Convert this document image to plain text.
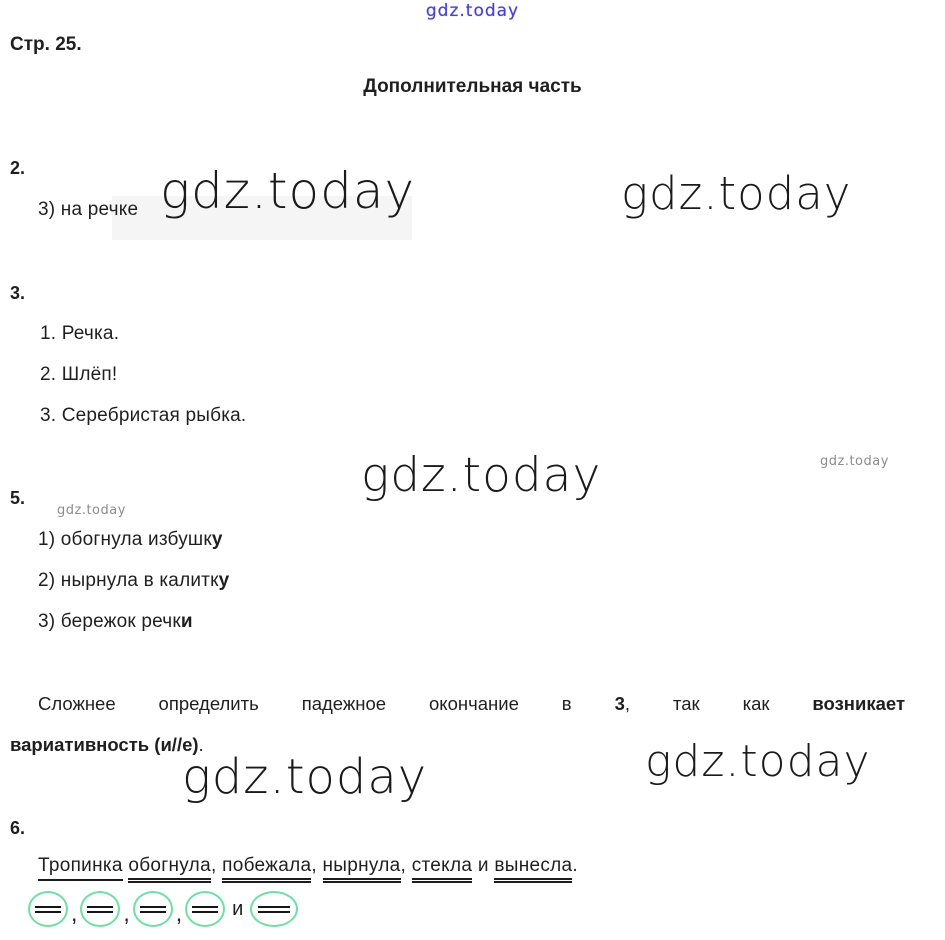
gdz.today
gdz.today	gdz.today
gdz.today	gdz.today
gdz.today
gdz.today	gdz.today
Стр. 25.
Дополнительная часть
2.
3) на речке
3.
1. Речка.
2. Шлёп!
3. Серебристая рыбка.
5.
1) обогнула избушку
2) нырнула в калитку
3) бережок речки
Сложнее определить падежное окончание в 3, так как возникает
вариативность (и//е).
6.
Тропинка обогнула, побежала, нырнула, стекла и вынесла.
, , ,	и
